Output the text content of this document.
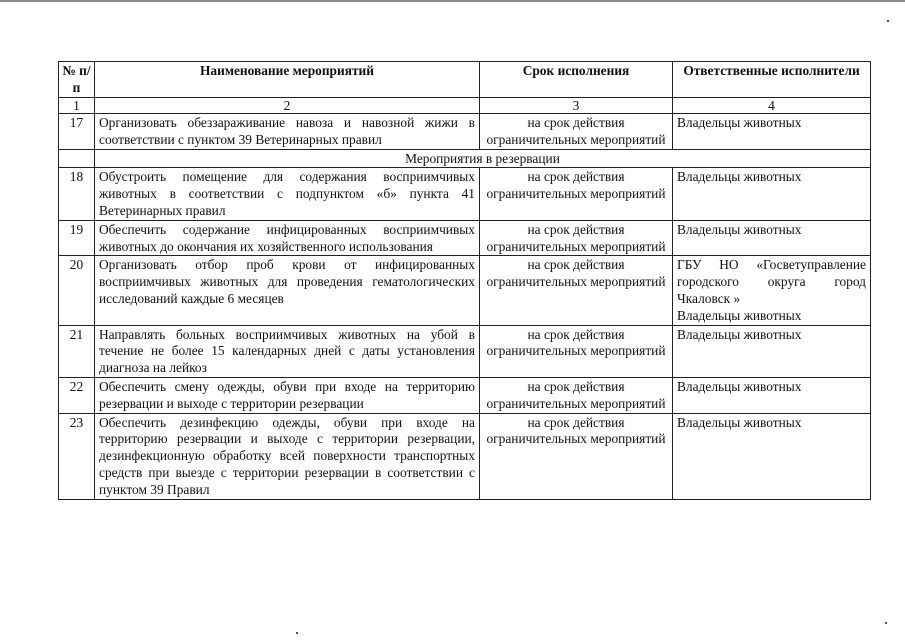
№ п/п	Наименование мероприятий	Срок исполнения	Ответственные исполнители
1	2	3	4
17	Организовать обеззараживание навоза и навозной жижи в соответствии с пунктом 39 Ветеринарных правил	на срок действия ограничительных мероприятий	Владельцы животных

	Мероприятия в резервации		
18	Обустроить помещение для содержания восприимчивых животных в соответствии с подпунктом «б» пункта 41 Ветеринарных правил	на срок действия ограничительных мероприятий	Владельцы животных

19	Обеспечить содержание инфицированных восприимчивых животных до окончания их хозяйственного использования	на срок действия ограничительных мероприятий	Владельцы животных

20	Организовать отбор проб крови от инфицированных восприимчивых животных для проведения гематологических исследований каждые 6 месяцев	на срок действия ограничительных мероприятий	ГБУ НО «Госветуправление городского округа город Чкаловск »
Владельцы животных

21	Направлять больных восприимчивых животных на убой в течение не более 15 календарных дней с даты установления диагноза на лейкоз	на срок действия ограничительных мероприятий	Владельцы животных

22	Обеспечить смену одежды, обуви при входе на территорию резервации и выходе с территории резервации	на срок действия ограничительных мероприятий	Владельцы животных

23	Обеспечить дезинфекцию одежды, обуви при входе на территорию резервации и выходе с территории резервации, дезинфекционную обработку всей поверхности транспортных средств при выезде с территории резервации в соответствии с пунктом 39 Правил	на срок действия ограничительных мероприятий	Владельцы животных
